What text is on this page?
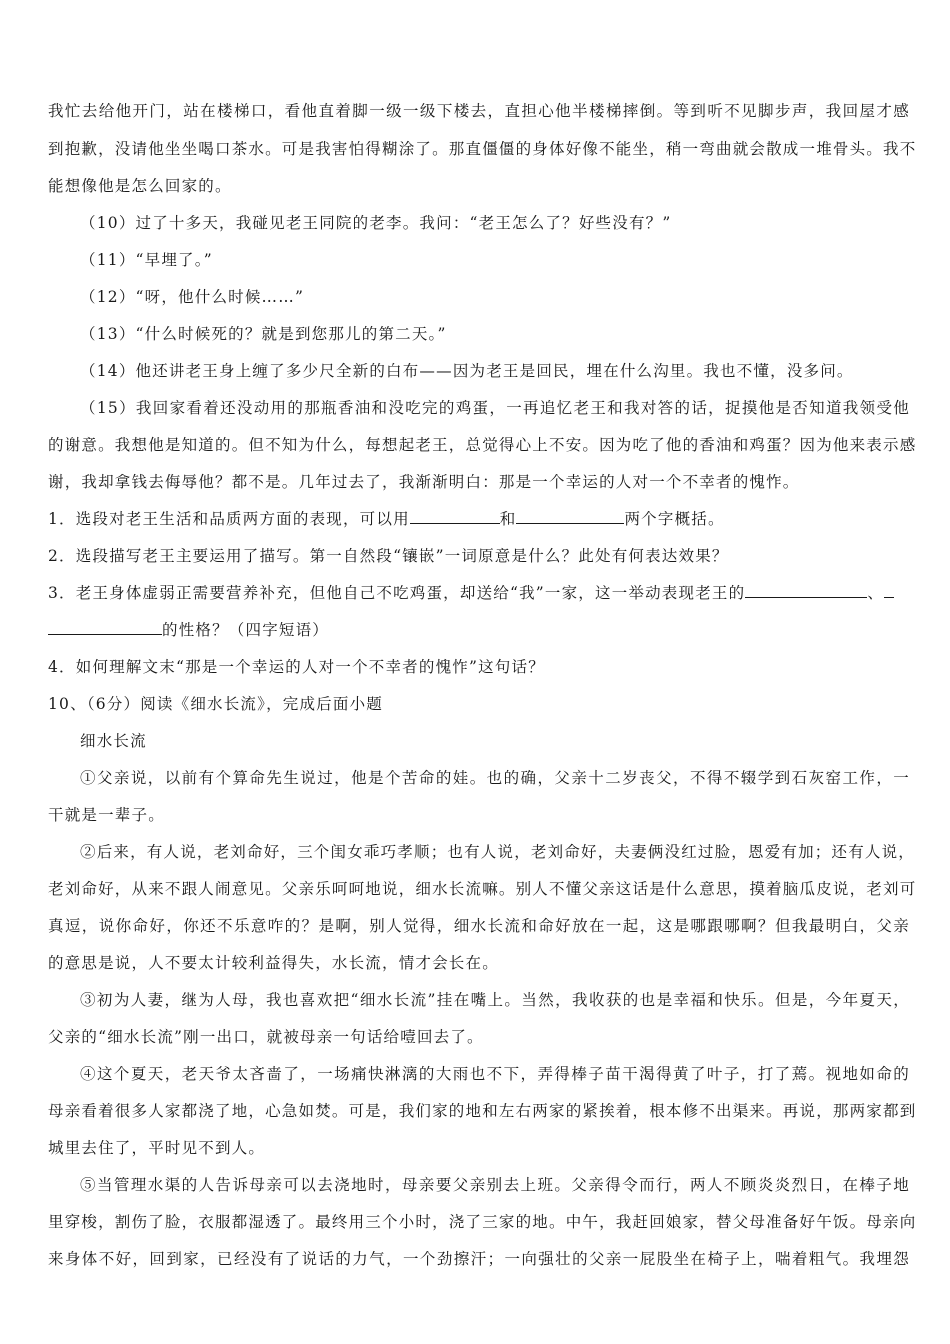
我忙去给他开门，站在楼梯口，看他直着脚一级一级下楼去，直担心他半楼梯摔倒。等到听不见脚步声，我回屋才感
到抱歉，没请他坐坐喝口茶水。可是我害怕得糊涂了。那直僵僵的身体好像不能坐，稍一弯曲就会散成一堆骨头。我不
能想像他是怎么回家的。
（10）过了十多天，我碰见老王同院的老李。我问：“老王怎么了？好些没有？”
（11）“早埋了。”
（12）“呀，他什么时候……”
（13）“什么时候死的？就是到您那儿的第二天。”
（14）他还讲老王身上缠了多少尺全新的白布——因为老王是回民，埋在什么沟里。我也不懂，没多问。
（15）我回家看着还没动用的那瓶香油和没吃完的鸡蛋，一再追忆老王和我对答的话，捉摸他是否知道我领受他
的谢意。我想他是知道的。但不知为什么，每想起老王，总觉得心上不安。因为吃了他的香油和鸡蛋？因为他来表示感
谢，我却拿钱去侮辱他？都不是。几年过去了，我渐渐明白：那是一个幸运的人对一个不幸者的愧怍。
1．选段对老王生活和品质两方面的表现，可以用	和	两个字概括。
2．选段描写老王主要运用了描写。第一自然段“镶嵌”一词原意是什么？此处有何表达效果？
3．老王身体虚弱正需要营养补充，但他自己不吃鸡蛋，却送给“我”一家，这一举动表现老王的	、
的性格？（四字短语）
4．如何理解文末“那是一个幸运的人对一个不幸者的愧怍”这句话？
10、（6分）阅读《细水长流》，完成后面小题
细水长流
①父亲说，以前有个算命先生说过，他是个苦命的娃。也的确，父亲十二岁丧父，不得不辍学到石灰窑工作，一
干就是一辈子。
②后来，有人说，老刘命好，三个闺女乖巧孝顺；也有人说，老刘命好，夫妻俩没红过脸，恩爱有加；还有人说，
老刘命好，从来不跟人闹意见。父亲乐呵呵地说，细水长流嘛。别人不懂父亲这话是什么意思，摸着脑瓜皮说，老刘可
真逗，说你命好，你还不乐意咋的？是啊，别人觉得，细水长流和命好放在一起，这是哪跟哪啊？但我最明白，父亲
的意思是说，人不要太计较利益得失，水长流，情才会长在。
③初为人妻，继为人母，我也喜欢把“细水长流”挂在嘴上。当然，我收获的也是幸福和快乐。但是，今年夏天，
父亲的“细水长流”刚一出口，就被母亲一句话给噎回去了。
④这个夏天，老天爷太吝啬了，一场痛快淋漓的大雨也不下，弄得棒子苗干渴得黄了叶子，打了蔫。视地如命的
母亲看着很多人家都浇了地，心急如焚。可是，我们家的地和左右两家的紧挨着，根本修不出渠来。再说，那两家都到
城里去住了，平时见不到人。
⑤当管理水渠的人告诉母亲可以去浇地时，母亲要父亲别去上班。父亲得令而行，两人不顾炎炎烈日，在棒子地
里穿梭，割伤了脸，衣服都湿透了。最终用三个小时，浇了三家的地。中午，我赶回娘家，替父母准备好午饭。母亲向
来身体不好，回到家，已经没有了说话的力气，一个劲擦汗；一向强壮的父亲一屁股坐在椅子上，喘着粗气。我埋怨
